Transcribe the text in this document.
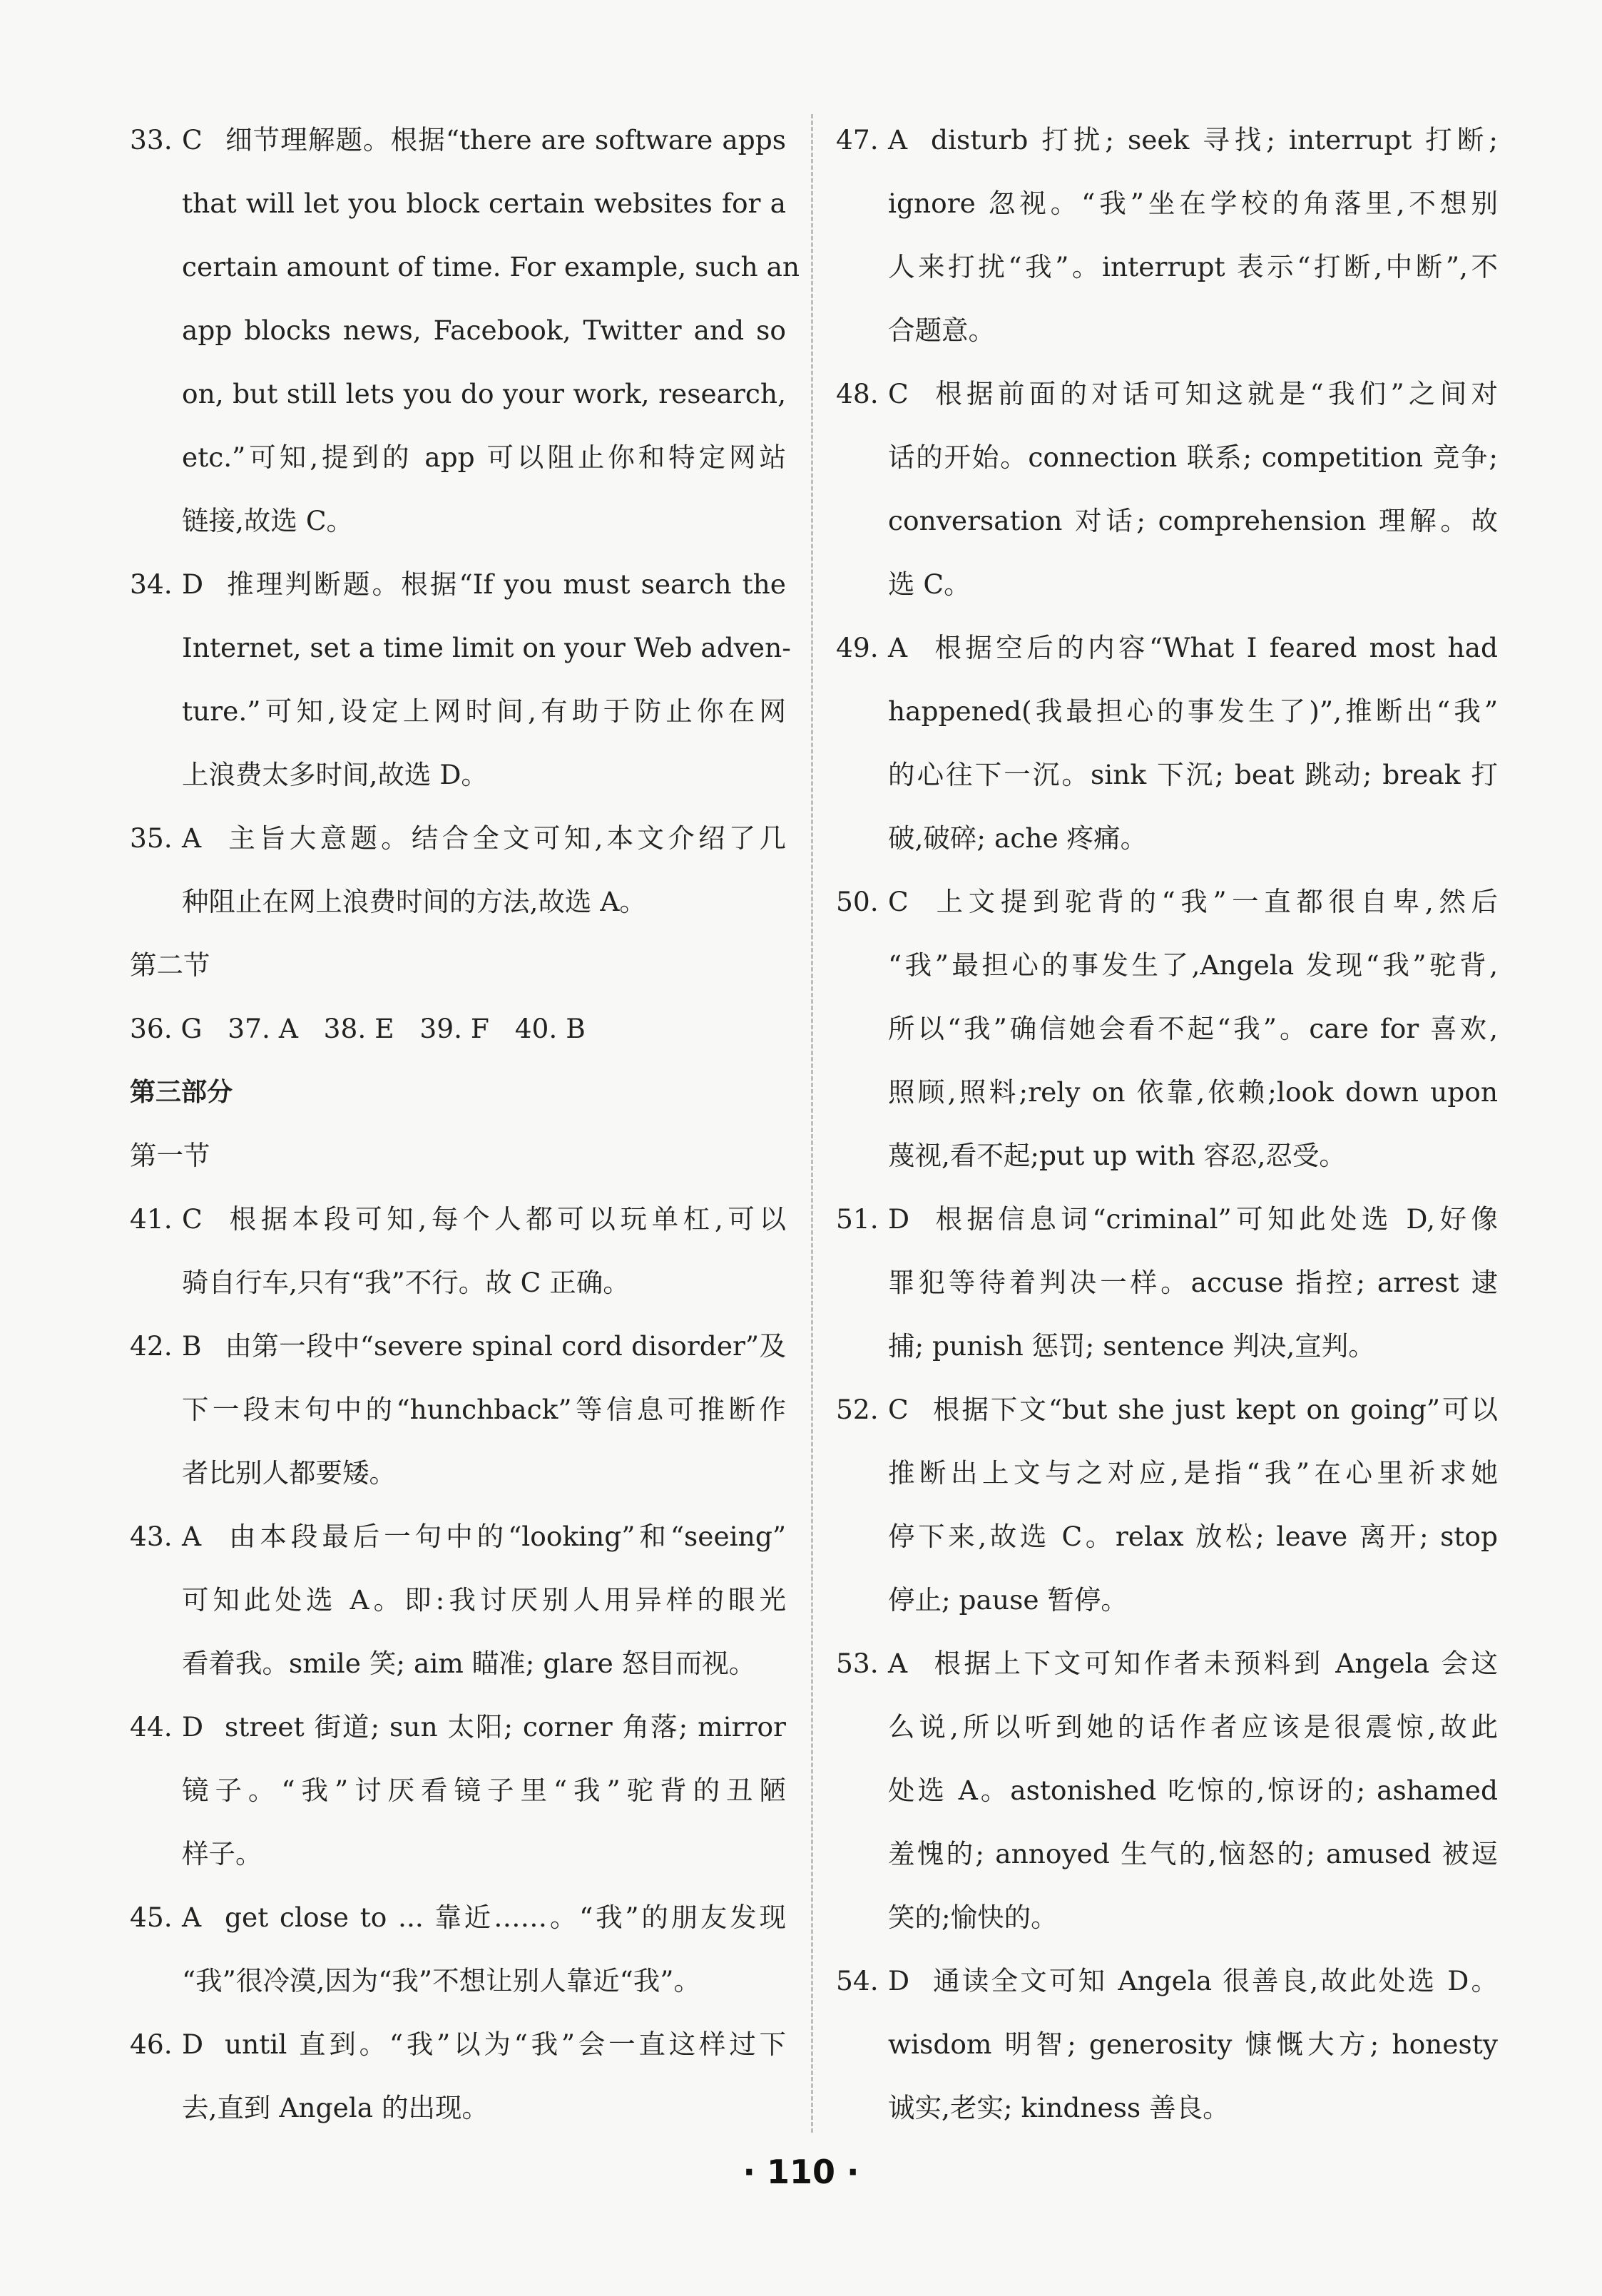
33. C 细节理解题。根据“there are software apps
that will let you block certain websites for a
certain amount of time. For example, such an
app blocks news, Facebook, Twitter and so
on, but still lets you do your work, research,
etc.”可知,提到的 app 可以阻止你和特定网站
链接,故选 C。
34. D 推理判断题。根据“If you must search the
Internet, set a time limit on your Web adven-
ture.”可知,设定上网时间,有助于防止你在网
上浪费太多时间,故选 D。
35. A 主旨大意题。结合全文可知,本文介绍了几
种阻止在网上浪费时间的方法,故选 A。
第二节
36. G   37. A   38. E   39. F   40. B
第三部分
第一节
41. C 根据本段可知,每个人都可以玩单杠,可以
骑自行车,只有“我”不行。故 C 正确。
42. B 由第一段中“severe spinal cord disorder”及
下一段末句中的“hunchback”等信息可推断作
者比别人都要矮。
43. A 由本段最后一句中的“looking”和“seeing”
可知此处选 A。即:我讨厌别人用异样的眼光
看着我。smile 笑; aim 瞄准; glare 怒目而视。
44. D street 街道; sun 太阳; corner 角落; mirror
镜子。“我”讨厌看镜子里“我”驼背的丑陋
样子。
45. A get close to ... 靠近……。“我”的朋友发现
“我”很冷漠,因为“我”不想让别人靠近“我”。
46. D until 直到。“我”以为“我”会一直这样过下
去,直到 Angela 的出现。
47. A disturb 打扰; seek 寻找; interrupt 打断;
ignore 忽视。“我”坐在学校的角落里,不想别
人来打扰“我”。interrupt 表示“打断,中断”,不
合题意。
48. C 根据前面的对话可知这就是“我们”之间对
话的开始。connection 联系; competition 竞争;
conversation 对话; comprehension 理解。故
选 C。
49. A 根据空后的内容“What I feared most had
happened(我最担心的事发生了)”,推断出“我”
的心往下一沉。sink 下沉; beat 跳动; break 打
破,破碎; ache 疼痛。
50. C 上文提到驼背的“我”一直都很自卑,然后
“我”最担心的事发生了,Angela 发现“我”驼背,
所以“我”确信她会看不起“我”。care for 喜欢,
照顾,照料;rely on 依靠,依赖;look down upon
蔑视,看不起;put up with 容忍,忍受。
51. D 根据信息词“criminal”可知此处选 D,好像
罪犯等待着判决一样。accuse 指控; arrest 逮
捕; punish 惩罚; sentence 判决,宣判。
52. C 根据下文“but she just kept on going”可以
推断出上文与之对应,是指“我”在心里祈求她
停下来,故选 C。relax 放松; leave 离开; stop
停止; pause 暂停。
53. A 根据上下文可知作者未预料到 Angela 会这
么说,所以听到她的话作者应该是很震惊,故此
处选 A。astonished 吃惊的,惊讶的; ashamed
羞愧的; annoyed 生气的,恼怒的; amused 被逗
笑的;愉快的。
54. D 通读全文可知 Angela 很善良,故此处选 D。
wisdom 明智; generosity 慷慨大方; honesty
诚实,老实; kindness 善良。
· 110 ·
